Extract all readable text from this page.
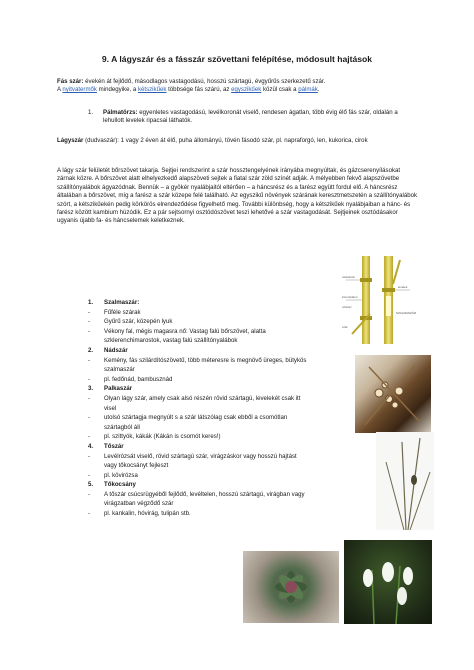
9. A lágyszár és a fásszár szövettani felépítése, módosult hajtások
Fás szár: évekén át fejlődő, másodlagos vastagodású, hosszú szártagú, évgyűrűs szerkezetű szár.
A nyitvatermők mindegyike, a kétszikűek többsége fás szárú, az egyszikűek közül csak a pálmák.
1. Pálmatörzs: egyenletes vastagodású, levélkoronát viselő, rendesen ágatlan, több évig élő fás szár, oldalán a lehullott levelek ripacsai láthatók.
Lágyszár (dudvaszár): 1 vagy 2 éven át élő, puha állományú, tövén fásodó szár, pl. napraforgó, len, kukorica, cirok
A lágy szár felületét bőrszövet takarja. Sejtjei rendszerint a szár hossztengelyének irányába megnyúltak, és gázcserenyílásokat zárnak közre. A bőrszövet alatt elhelyezkedő alapszöveti sejtek a fiatal szár zöld színét adják. A mélyebben fekvő alapszövetbe szállítónyalábok ágyazódnak. Bennük – a gyökér nyalábjaitól eltérően – a háncsrész és a farész együtt fordul elő. A háncsrész általában a bőrszövet, míg a farész a szár közepe felé található. Az egyszikű növények szárának keresztmetszetén a szállítónyalábok szórt, a kétszikűekén pedig körkörös elrendeződése figyelhető meg. További különbség, hogy a kétszikűek nyalábjaiban a hánc- és farész között kambium húzódik. Ez a pár sejtsornyi osztódószövet teszi lehetővé a szár vastagodását. Sejtjeinek osztódásakor ugyanis újabb fa- és háncselemek keletkeznek.
nóduszok
internódium
nódusz
szár
levelek
SZALMASZÁR
1. Szalmaszár:
- Fűféle szárak
- Gyűrű szár, közepén lyuk
- Vékony fal, mégis magasra nő: Vastag falú bőrszövet, alatta szklerenchimarostok, vastag falú szállítónyalábok
2. Nádszár
- Kemény, fás szilárdítószövetű, több méteresre is megnövő üreges, bütykös szalmaszár
- pl. fedőnád, bambusznád
3. Palkaszár
- Olyan lágy szár, amely csak alsó részén rövid szártagú, levelekét csak itt visel
- utolsó szártagja megnyúlt s a szár látszólag csak ebből a csomótlan szártagból áll
- pl. szittyók, kákák (Kákán is csomót keres!)
4. Tőszár
- Levélrózsát viselő, rövid szártagú szár, virágzáskor vagy hosszú hajtást vagy tőkocsányt fejleszt
- pl. kövirózsa
5. Tőkocsány
- A tőszár csúcsrügyéből fejlődő, levéltelen, hosszú szártagú, virágban vagy virágzatban végződő szár
- pl. kankalin, hóvirág, tulipán stb.
